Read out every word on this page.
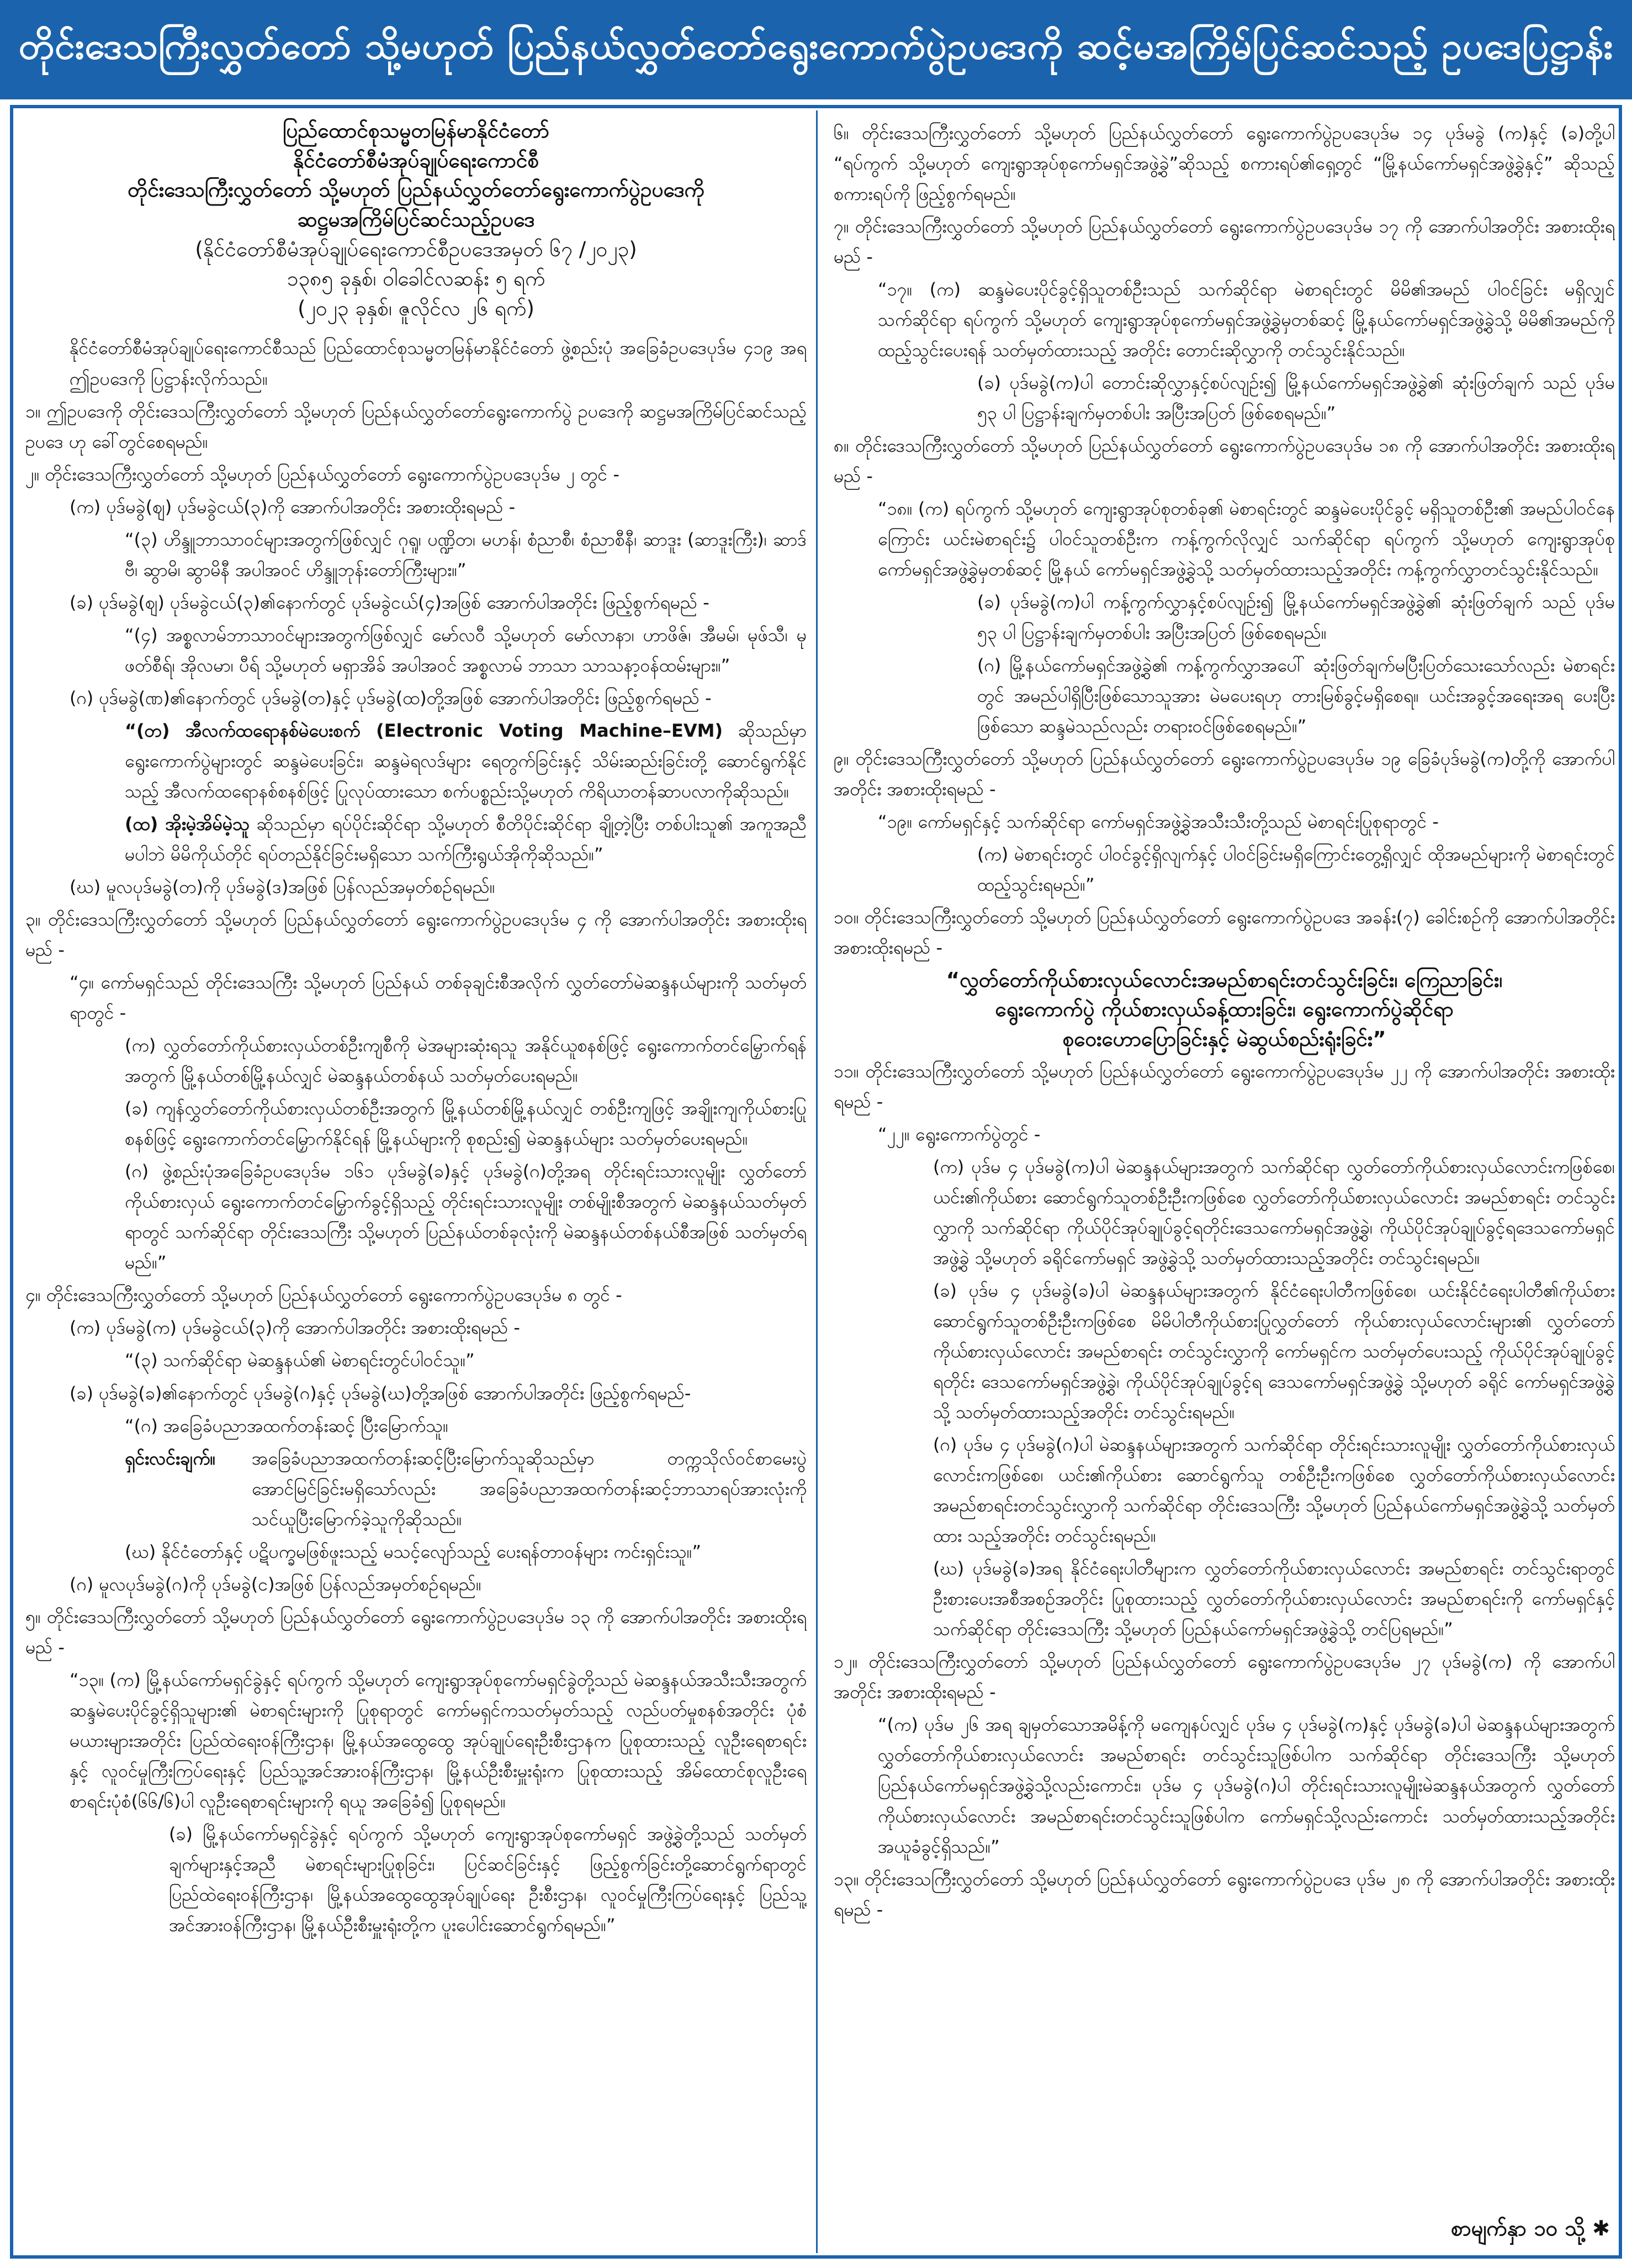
တိုင်းဒေသကြီးလွှတ်တော် သို့မဟုတ် ပြည်နယ်လွှတ်တော်ရွေးကောက်ပွဲဥပဒေကို ဆင့်မအကြိမ်ပြင်ဆင်သည့် ဥပဒေပြဋ္ဌာန်း

ပြည်ထောင်စုသမ္မတမြန်မာနိုင်ငံတော်

နိုင်ငံတော်စီမံအုပ်ချုပ်ရေးကောင်စီ

တိုင်းဒေသကြီးလွှတ်တော် သို့မဟုတ် ပြည်နယ်လွှတ်တော်ရွေးကောက်ပွဲဥပဒေကို

ဆဋ္ဌမအကြိမ်ပြင်ဆင်သည့်ဥပဒေ

(နိုင်ငံတော်စီမံအုပ်ချုပ်ရေးကောင်စီဥပဒေအမှတ် ၆၇ /၂၀၂၃)

၁၃၈၅ ခုနှစ်၊ ဝါခေါင်လဆန်း ၅ ရက်

(၂၀၂၃ ခုနှစ်၊ ဇူလိုင်လ ၂၆ ရက်)

နိုင်ငံတော်စီမံအုပ်ချုပ်ရေးကောင်စီသည် ပြည်ထောင်စုသမ္မတမြန်မာနိုင်ငံတော် ဖွဲ့စည်းပုံ အခြေခံဥပဒေပုဒ်မ ၄၁၉ အရ ဤဥပဒေကို ပြဋ္ဌာန်းလိုက်သည်။

၁။ ဤဥပဒေကို တိုင်းဒေသကြီးလွှတ်တော် သို့မဟုတ် ပြည်နယ်လွှတ်တော်ရွေးကောက်ပွဲ ဥပဒေကို ဆဋ္ဌမအကြိမ်ပြင်ဆင်သည့် ဥပဒေ ဟု ခေါ်တွင်စေရမည်။

၂။ တိုင်းဒေသကြီးလွှတ်တော် သို့မဟုတ် ပြည်နယ်လွှတ်တော် ရွေးကောက်ပွဲဥပဒေပုဒ်မ ၂ တွင် -

(က) ပုဒ်မခွဲ(ဈ) ပုဒ်မခွဲငယ်(၃)ကို အောက်ပါအတိုင်း အစားထိုးရမည် -

“(၃) ဟိန္ဒူဘာသာဝင်များအတွက်ဖြစ်လျှင် ဂုရူ၊ ပဏ္ဍိတ၊ မဟန်၊ စံညာစီ၊ စံညာစီနီ၊ ဆာဒူး (ဆာဒူးကြီး)၊ ဆာဒ်ဗီ၊ ဆွာမိ၊ ဆွာမိနီ အပါအဝင် ဟိန္ဒူဘုန်းတော်ကြီးများ။”

(ခ) ပုဒ်မခွဲ(ဈ) ပုဒ်မခွဲငယ်(၃)၏နောက်တွင် ပုဒ်မခွဲငယ်(၄)အဖြစ် အောက်ပါအတိုင်း ဖြည့်စွက်ရမည် -

“(၄) အစ္စလာမ်ဘာသာဝင်များအတွက်ဖြစ်လျှင် မော်လဝီ သို့မဟုတ် မော်လာနာ၊ ဟာဖိဇ်၊ အီမမ်၊ မုဖ်သီ၊ မုဖတ်စီရ်၊ အိုလမာ၊ ပီရ် သို့မဟုတ် မရှာအိခ် အပါအဝင် အစ္စလာမ် ဘာသာ သာသနာ့ဝန်ထမ်းများ။”

(ဂ) ပုဒ်မခွဲ(ဏ)၏နောက်တွင် ပုဒ်မခွဲ(တ)နှင့် ပုဒ်မခွဲ(ထ)တို့အဖြစ် အောက်ပါအတိုင်း ဖြည့်စွက်ရမည် -

“(တ) အီလက်ထရောနစ်မဲပေးစက် (Electronic Voting Machine–EVM) ဆိုသည်မှာ ရွေးကောက်ပွဲများတွင် ဆန္ဒမဲပေးခြင်း၊ ဆန္ဒမဲရလဒ်များ ရေတွက်ခြင်းနှင့် သိမ်းဆည်းခြင်းတို့ ဆောင်ရွက်နိုင်သည့် အီလက်ထရောနစ်စနစ်ဖြင့် ပြုလုပ်ထားသော စက်ပစ္စည်းသို့မဟုတ် ကိရိယာတန်ဆာပလာကိုဆိုသည်။

(ထ) အိုးမဲ့အိမ်မဲ့သူ ဆိုသည်မှာ ရပ်ပိုင်းဆိုင်ရာ သို့မဟုတ် စီတိပိုင်းဆိုင်ရာ ချို့တဲ့ပြီး တစ်ပါးသူ၏ အကူအညီမပါဘဲ မိမိကိုယ်တိုင် ရပ်တည်နိုင်ခြင်းမရှိသော သက်ကြီးရွယ်အိုကိုဆိုသည်။”

(ဃ) မူလပုဒ်မခွဲ(တ)ကို ပုဒ်မခွဲ(ဒ)အဖြစ် ပြန်လည်အမှတ်စဉ်ရမည်။

၃။ တိုင်းဒေသကြီးလွှတ်တော် သို့မဟုတ် ပြည်နယ်လွှတ်တော် ရွေးကောက်ပွဲဥပဒေပုဒ်မ ၄ ကို အောက်ပါအတိုင်း အစားထိုးရမည် -

“၄။ ကော်မရှင်သည် တိုင်းဒေသကြီး သို့မဟုတ် ပြည်နယ် တစ်ခုချင်းစီအလိုက် လွှတ်တော်မဲဆန္ဒနယ်များကို သတ်မှတ်ရာတွင် -

(က) လွှတ်တော်ကိုယ်စားလှယ်တစ်ဦးကျစီကို မဲအများဆုံးရသူ အနိုင်ယူစနစ်ဖြင့် ရွေးကောက်တင်မြှောက်ရန်အတွက် မြို့နယ်တစ်မြို့နယ်လျှင် မဲဆန္ဒနယ်တစ်နယ် သတ်မှတ်ပေးရမည်။

(ခ) ကျန်လွှတ်တော်ကိုယ်စားလှယ်တစ်ဦးအတွက် မြို့နယ်တစ်မြို့နယ်လျှင် တစ်ဦးကျဖြင့် အချိုးကျကိုယ်စားပြုစနစ်ဖြင့် ရွေးကောက်တင်မြှောက်နိုင်ရန် မြို့နယ်များကို စုစည်း၍ မဲဆန္ဒနယ်များ သတ်မှတ်ပေးရမည်။

(ဂ) ဖွဲ့စည်းပုံအခြေခံဥပဒေပုဒ်မ ၁၆၁ ပုဒ်မခွဲ(ခ)နှင့် ပုဒ်မခွဲ(ဂ)တို့အရ တိုင်းရင်းသားလူမျိုး လွှတ်တော်ကိုယ်စားလှယ် ရွေးကောက်တင်မြှောက်ခွင့်ရှိသည့် တိုင်းရင်းသားလူမျိုး တစ်မျိုးစီအတွက် မဲဆန္ဒနယ်သတ်မှတ်ရာတွင် သက်ဆိုင်ရာ တိုင်းဒေသကြီး သို့မဟုတ် ပြည်နယ်တစ်ခုလုံးကို မဲဆန္ဒနယ်တစ်နယ်စီအဖြစ် သတ်မှတ်ရမည်။”

၄။ တိုင်းဒေသကြီးလွှတ်တော် သို့မဟုတ် ပြည်နယ်လွှတ်တော် ရွေးကောက်ပွဲဥပဒေပုဒ်မ ၈ တွင် -

(က) ပုဒ်မခွဲ(က) ပုဒ်မခွဲငယ်(၃)ကို အောက်ပါအတိုင်း အစားထိုးရမည် -

“(၃) သက်ဆိုင်ရာ မဲဆန္ဒနယ်၏ မဲစာရင်းတွင်ပါဝင်သူ။”

(ခ) ပုဒ်မခွဲ(ခ)၏နောက်တွင် ပုဒ်မခွဲ(ဂ)နှင့် ပုဒ်မခွဲ(ဃ)တို့အဖြစ် အောက်ပါအတိုင်း ဖြည့်စွက်ရမည်-

“(ဂ) အခြေခံပညာအထက်တန်းဆင့် ပြီးမြောက်သူ။

ရှင်းလင်းချက်။	အခြေခံပညာအထက်တန်းဆင့်ပြီးမြောက်သူဆိုသည်မှာ တက္ကသိုလ်ဝင်စာမေးပွဲ အောင်မြင်ခြင်းမရှိသော်လည်း အခြေခံပညာအထက်တန်းဆင့်ဘာသာရပ်အားလုံးကို သင်ယူပြီးမြောက်ခဲ့သူကိုဆိုသည်။

(ဃ) နိုင်ငံတော်နှင့် ပဋိပက္ခမဖြစ်ဖူးသည့် မသင့်လျော်သည့် ပေးရန်တာဝန်များ ကင်းရှင်းသူ။”

(ဂ) မူလပုဒ်မခွဲ(ဂ)ကို ပုဒ်မခွဲ(င)အဖြစ် ပြန်လည်အမှတ်စဉ်ရမည်။

၅။ တိုင်းဒေသကြီးလွှတ်တော် သို့မဟုတ် ပြည်နယ်လွှတ်တော် ရွေးကောက်ပွဲဥပဒေပုဒ်မ ၁၃ ကို အောက်ပါအတိုင်း အစားထိုးရမည် -

“၁၃။ (က) မြို့နယ်ကော်မရှင်ခွဲနှင့် ရပ်ကွက် သို့မဟုတ် ကျေးရွာအုပ်စုကော်မရှင်ခွဲတို့သည် မဲဆန္ဒနယ်အသီးသီးအတွက် ဆန္ဒမဲပေးပိုင်ခွင့်ရှိသူများ၏ မဲစာရင်းများကို ပြုစုရာတွင် ကော်မရှင်ကသတ်မှတ်သည့် လည်ပတ်မှုစနစ်အတိုင်း ပုံစံမယားများအတိုင်း ပြည်ထဲရေးဝန်ကြီးဌာန၊ မြို့နယ်အထွေထွေ အုပ်ချုပ်ရေးဦးစီးဌာနက ပြုစုထားသည့် လူဦးရေစာရင်းနှင့် လူဝင်မှုကြီးကြပ်ရေးနှင့် ပြည်သူ့အင်အားဝန်ကြီးဌာန၊ မြို့နယ်ဦးစီးမှူးရုံးက ပြုစုထားသည့် အိမ်ထောင်စုလူဦးရေစာရင်းပုံစံ(၆၆/၆)ပါ လူဦးရေစာရင်းများကို ရယူ အခြေခံ၍ ပြုစုရမည်။

(ခ) မြို့နယ်ကော်မရှင်ခွဲနှင့် ရပ်ကွက် သို့မဟုတ် ကျေးရွာအုပ်စုကော်မရှင် အဖွဲ့ခွဲတို့သည် သတ်မှတ်ချက်များနှင့်အညီ မဲစာရင်းများပြုစုခြင်း၊ ပြင်ဆင်ခြင်းနှင့် ဖြည့်စွက်ခြင်းတို့ဆောင်ရွက်ရာတွင် ပြည်ထဲရေးဝန်ကြီးဌာန၊ မြို့နယ်အထွေထွေအုပ်ချုပ်ရေး ဦးစီးဌာန၊ လူဝင်မှုကြီးကြပ်ရေးနှင့် ပြည်သူ့အင်အားဝန်ကြီးဌာန၊ မြို့နယ်ဦးစီးမှူးရုံးတို့က ပူးပေါင်းဆောင်ရွက်ရမည်။”

၆။ တိုင်းဒေသကြီးလွှတ်တော် သို့မဟုတ် ပြည်နယ်လွှတ်တော် ရွေးကောက်ပွဲဥပဒေပုဒ်မ ၁၄ ပုဒ်မခွဲ (က)နှင့် (ခ)တို့ပါ “ရပ်ကွက် သို့မဟုတ် ကျေးရွာအုပ်စုကော်မရှင်အဖွဲ့ခွဲ”ဆိုသည့် စကားရပ်၏ရှေ့တွင် “မြို့နယ်ကော်မရှင်အဖွဲ့ခွဲနှင့်” ဆိုသည့်စကားရပ်ကို ဖြည့်စွက်ရမည်။

၇။ တိုင်းဒေသကြီးလွှတ်တော် သို့မဟုတ် ပြည်နယ်လွှတ်တော် ရွေးကောက်ပွဲဥပဒေပုဒ်မ ၁၇ ကို အောက်ပါအတိုင်း အစားထိုးရမည် -

“၁၇။ (က) ဆန္ဒမဲပေးပိုင်ခွင့်ရှိသူတစ်ဦးသည် သက်ဆိုင်ရာ မဲစာရင်းတွင် မိမိ၏အမည် ပါဝင်ခြင်း မရှိလျှင် သက်ဆိုင်ရာ ရပ်ကွက် သို့မဟုတ် ကျေးရွာအုပ်စုကော်မရှင်အဖွဲ့ခွဲမှတစ်ဆင့် မြို့နယ်ကော်မရှင်အဖွဲ့ခွဲသို့ မိမိ၏အမည်ကို ထည့်သွင်းပေးရန် သတ်မှတ်ထားသည့် အတိုင်း တောင်းဆိုလွှာကို တင်သွင်းနိုင်သည်။

(ခ) ပုဒ်မခွဲ(က)ပါ တောင်းဆိုလွှာနှင့်စပ်လျဉ်း၍ မြို့နယ်ကော်မရှင်အဖွဲ့ခွဲ၏ ဆုံးဖြတ်ချက် သည် ပုဒ်မ ၅၃ ပါ ပြဋ္ဌာန်းချက်မှတစ်ပါး အပြီးအပြတ် ဖြစ်စေရမည်။”

၈။ တိုင်းဒေသကြီးလွှတ်တော် သို့မဟုတ် ပြည်နယ်လွှတ်တော် ရွေးကောက်ပွဲဥပဒေပုဒ်မ ၁၈ ကို အောက်ပါအတိုင်း အစားထိုးရမည် -

“၁၈။ (က) ရပ်ကွက် သို့မဟုတ် ကျေးရွာအုပ်စုတစ်ခု၏ မဲစာရင်းတွင် ဆန္ဒမဲပေးပိုင်ခွင့် မရှိသူတစ်ဦး၏ အမည်ပါဝင်နေကြောင်း ယင်းမဲစာရင်း၌ ပါဝင်သူတစ်ဦးက ကန့်ကွက်လိုလျှင် သက်ဆိုင်ရာ ရပ်ကွက် သို့မဟုတ် ကျေးရွာအုပ်စုကော်မရှင်အဖွဲ့ခွဲမှတစ်ဆင့် မြို့နယ် ကော်မရှင်အဖွဲ့ခွဲသို့ သတ်မှတ်ထားသည့်အတိုင်း ကန့်ကွက်လွှာတင်သွင်းနိုင်သည်။

(ခ) ပုဒ်မခွဲ(က)ပါ ကန့်ကွက်လွှာနှင့်စပ်လျဉ်း၍ မြို့နယ်ကော်မရှင်အဖွဲ့ခွဲ၏ ဆုံးဖြတ်ချက် သည် ပုဒ်မ ၅၃ ပါ ပြဋ္ဌာန်းချက်မှတစ်ပါး အပြီးအပြတ် ဖြစ်စေရမည်။

(ဂ) မြို့နယ်ကော်မရှင်အဖွဲ့ခွဲ၏ ကန့်ကွက်လွှာအပေါ် ဆုံးဖြတ်ချက်မပြီးပြတ်သေးသော်လည်း မဲစာရင်းတွင် အမည်ပါရှိပြီးဖြစ်သောသူအား မဲမပေးရဟု တားမြစ်ခွင့်မရှိစေရ။ ယင်းအခွင့်အရေးအရ ပေးပြီးဖြစ်သော ဆန္ဒမဲသည်လည်း တရားဝင်ဖြစ်စေရမည်။”

၉။ တိုင်းဒေသကြီးလွှတ်တော် သို့မဟုတ် ပြည်နယ်လွှတ်တော် ရွေးကောက်ပွဲဥပဒေပုဒ်မ ၁၉ ခြေခံပုဒ်မခွဲ(က)တို့ကို အောက်ပါအတိုင်း အစားထိုးရမည် -

“၁၉။ ကော်မရှင်နှင့် သက်ဆိုင်ရာ ကော်မရှင်အဖွဲ့ခွဲအသီးသီးတို့သည် မဲစာရင်းပြုစုရာတွင် -

(က) မဲစာရင်းတွင် ပါဝင်ခွင့်ရှိလျက်နှင့် ပါဝင်ခြင်းမရှိကြောင်းတွေ့ရှိလျှင် ထိုအမည်များကို မဲစာရင်းတွင် ထည့်သွင်းရမည်။”

၁၀။ တိုင်းဒေသကြီးလွှတ်တော် သို့မဟုတ် ပြည်နယ်လွှတ်တော် ရွေးကောက်ပွဲဥပဒေ အခန်း(၇) ခေါင်းစဉ်ကို အောက်ပါအတိုင်း အစားထိုးရမည် -

“လွှတ်တော်ကိုယ်စားလှယ်လောင်းအမည်စာရင်းတင်သွင်းခြင်း၊ ကြေညာခြင်း၊

ရွေးကောက်ပွဲ ကိုယ်စားလှယ်ခန့်ထားခြင်း၊ ရွေးကောက်ပွဲဆိုင်ရာ

စုဝေးဟောပြောခြင်းနှင့် မဲဆွယ်စည်းရုံးခြင်း”

၁၁။ တိုင်းဒေသကြီးလွှတ်တော် သို့မဟုတ် ပြည်နယ်လွှတ်တော် ရွေးကောက်ပွဲဥပဒေပုဒ်မ ၂၂ ကို အောက်ပါအတိုင်း အစားထိုးရမည် -

“၂၂။ ရွေးကောက်ပွဲတွင် -

(က) ပုဒ်မ ၄ ပုဒ်မခွဲ(က)ပါ မဲဆန္ဒနယ်များအတွက် သက်ဆိုင်ရာ လွှတ်တော်ကိုယ်စားလှယ်လောင်းကဖြစ်စေ၊ ယင်း၏ကိုယ်စား ဆောင်ရွက်သူတစ်ဦးဦးကဖြစ်စေ လွှတ်တော်ကိုယ်စားလှယ်လောင်း အမည်စာရင်း တင်သွင်းလွှာကို သက်ဆိုင်ရာ ကိုယ်ပိုင်အုပ်ချုပ်ခွင့်ရတိုင်းဒေသကော်မရှင်အဖွဲ့ခွဲ၊ ကိုယ်ပိုင်အုပ်ချုပ်ခွင့်ရဒေသကော်မရှင်အဖွဲ့ခွဲ သို့မဟုတ် ခရိုင်ကော်မရှင် အဖွဲ့ခွဲသို့ သတ်မှတ်ထားသည့်အတိုင်း တင်သွင်းရမည်။

(ခ) ပုဒ်မ ၄ ပုဒ်မခွဲ(ခ)ပါ မဲဆန္ဒနယ်များအတွက် နိုင်ငံရေးပါတီကဖြစ်စေ၊ ယင်းနိုင်ငံရေးပါတီ၏ကိုယ်စား ဆောင်ရွက်သူတစ်ဦးဦးကဖြစ်စေ မိမိပါတီကိုယ်စားပြုလွှတ်တော် ကိုယ်စားလှယ်လောင်းများ၏ လွှတ်တော်ကိုယ်စားလှယ်လောင်း အမည်စာရင်း တင်သွင်းလွှာကို ကော်မရှင်က သတ်မှတ်ပေးသည့် ကိုယ်ပိုင်အုပ်ချုပ်ခွင့်ရတိုင်း ဒေသကော်မရှင်အဖွဲ့ခွဲ၊ ကိုယ်ပိုင်အုပ်ချုပ်ခွင့်ရ ဒေသကော်မရှင်အဖွဲ့ခွဲ သို့မဟုတ် ခရိုင် ကော်မရှင်အဖွဲ့ခွဲသို့ သတ်မှတ်ထားသည့်အတိုင်း တင်သွင်းရမည်။

(ဂ) ပုဒ်မ ၄ ပုဒ်မခွဲ(ဂ)ပါ မဲဆန္ဒနယ်များအတွက် သက်ဆိုင်ရာ တိုင်းရင်းသားလူမျိုး လွှတ်တော်ကိုယ်စားလှယ်လောင်းကဖြစ်စေ၊ ယင်း၏ကိုယ်စား ဆောင်ရွက်သူ တစ်ဦးဦးကဖြစ်စေ လွှတ်တော်ကိုယ်စားလှယ်လောင်း အမည်စာရင်းတင်သွင်းလွှာကို သက်ဆိုင်ရာ တိုင်းဒေသကြီး သို့မဟုတ် ပြည်နယ်ကော်မရှင်အဖွဲ့ခွဲသို့ သတ်မှတ်ထား သည့်အတိုင်း တင်သွင်းရမည်။

(ဃ) ပုဒ်မခွဲ(ခ)အရ နိုင်ငံရေးပါတီများက လွှတ်တော်ကိုယ်စားလှယ်လောင်း အမည်စာရင်း တင်သွင်းရာတွင် ဦးစားပေးအစီအစဉ်အတိုင်း ပြုစုထားသည့် လွှတ်တော်ကိုယ်စားလှယ်လောင်း အမည်စာရင်းကို ကော်မရှင်နှင့် သက်ဆိုင်ရာ တိုင်းဒေသကြီး သို့မဟုတ် ပြည်နယ်ကော်မရှင်အဖွဲ့ခွဲသို့ တင်ပြရမည်။”

၁၂။ တိုင်းဒေသကြီးလွှတ်တော် သို့မဟုတ် ပြည်နယ်လွှတ်တော် ရွေးကောက်ပွဲဥပဒေပုဒ်မ ၂၇ ပုဒ်မခွဲ(က) ကို အောက်ပါအတိုင်း အစားထိုးရမည် -

“(က) ပုဒ်မ ၂၆ အရ ချမှတ်သောအမိန့်ကို မကျေနပ်လျှင် ပုဒ်မ ၄ ပုဒ်မခွဲ(က)နှင့် ပုဒ်မခွဲ(ခ)ပါ မဲဆန္ဒနယ်များအတွက် လွှတ်တော်ကိုယ်စားလှယ်လောင်း အမည်စာရင်း တင်သွင်းသူဖြစ်ပါက သက်ဆိုင်ရာ တိုင်းဒေသကြီး သို့မဟုတ် ပြည်နယ်ကော်မရှင်အဖွဲ့ခွဲသို့လည်းကောင်း၊ ပုဒ်မ ၄ ပုဒ်မခွဲ(ဂ)ပါ တိုင်းရင်းသားလူမျိုးမဲဆန္ဒနယ်အတွက် လွှတ်တော်ကိုယ်စားလှယ်လောင်း အမည်စာရင်းတင်သွင်းသူဖြစ်ပါက ကော်မရှင်သို့လည်းကောင်း သတ်မှတ်ထားသည့်အတိုင်း အယူခံခွင့်ရှိသည်။”

၁၃။ တိုင်းဒေသကြီးလွှတ်တော် သို့မဟုတ် ပြည်နယ်လွှတ်တော် ရွေးကောက်ပွဲဥပဒေ ပုဒ်မ ၂၈ ကို အောက်ပါအတိုင်း အစားထိုးရမည် -

စာမျက်နှာ ၁၀ သို့ ✱
